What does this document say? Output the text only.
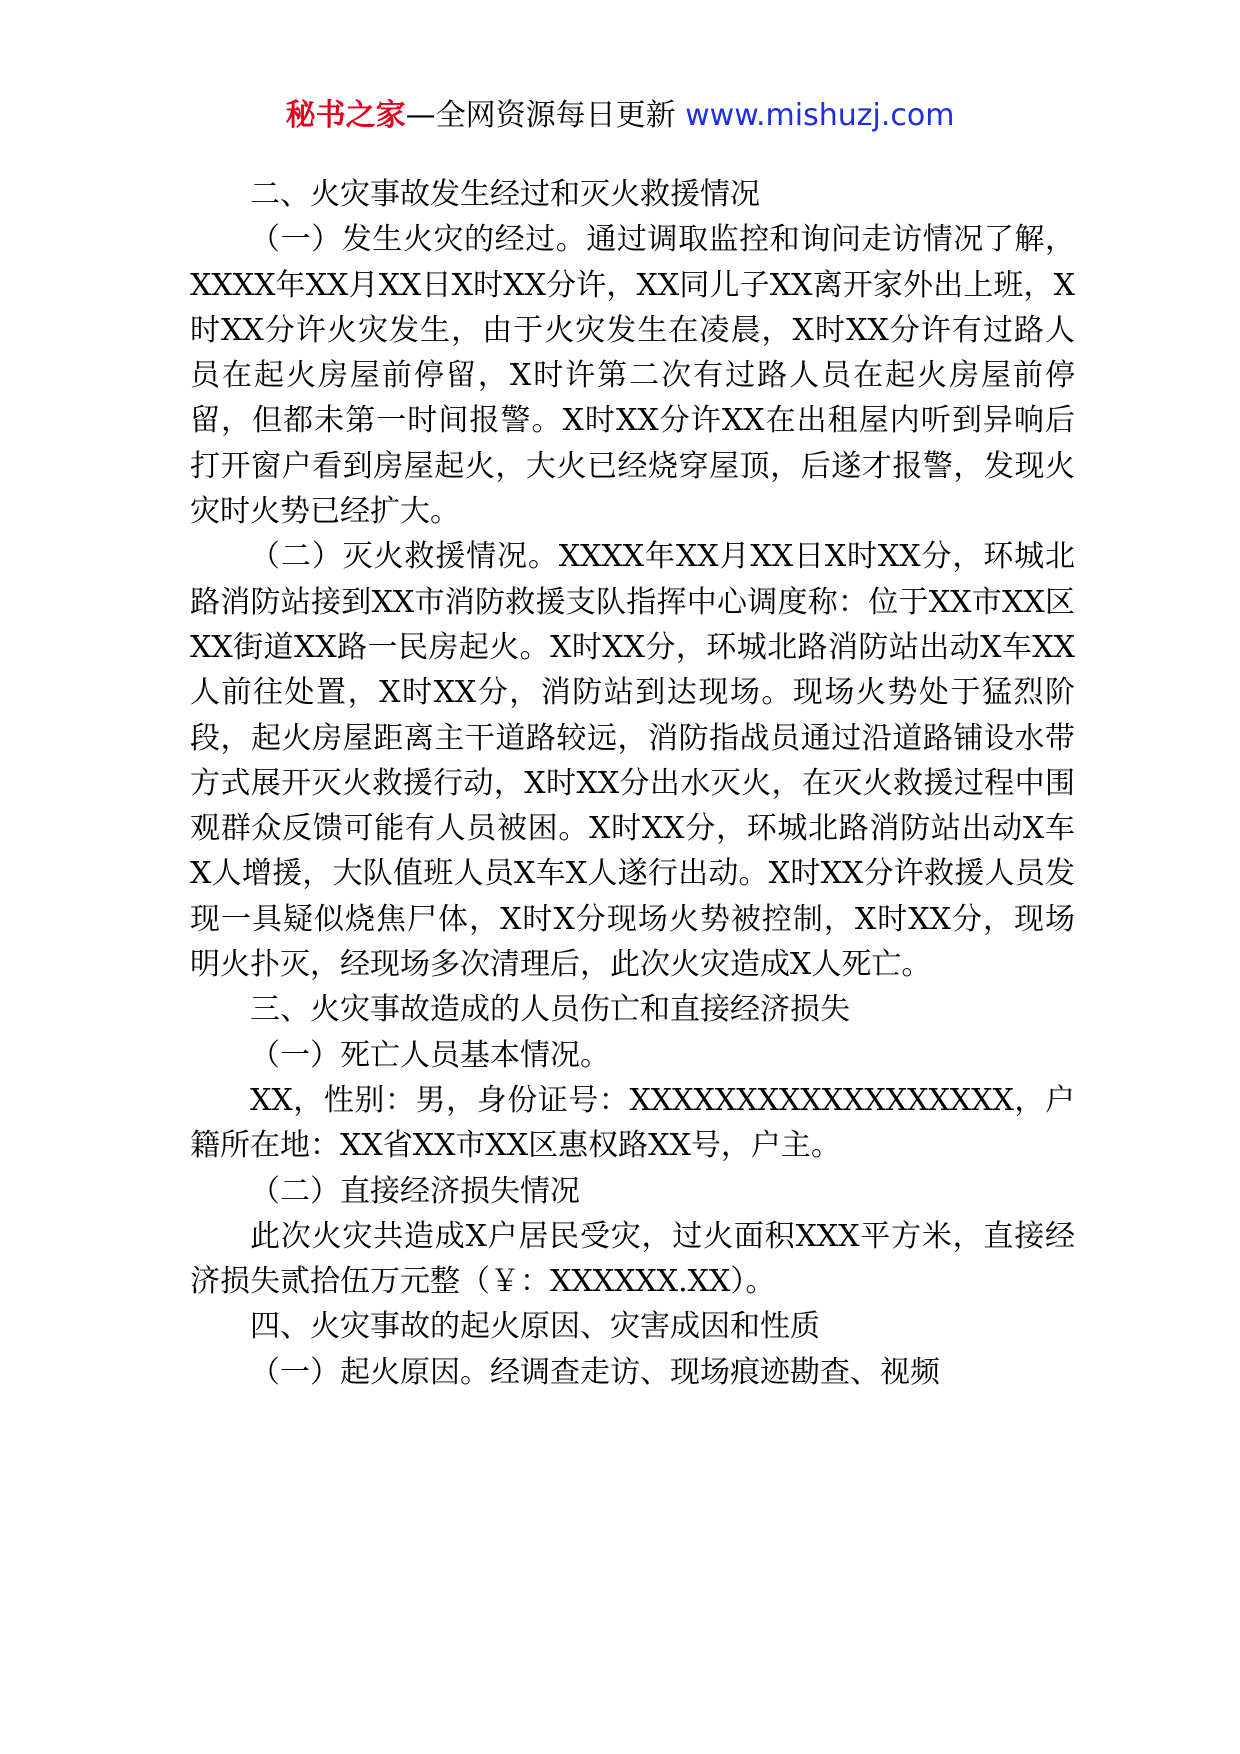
秘书之家—全网资源每日更新 www.mishuzj.com

二、火灾事故发生经过和灭火救援情况

（一）发生火灾的经过。通过调取监控和询问走访情况了解，XXXX年XX月XX日X时XX分许，XX同儿子XX离开家外出上班，X时XX分许火灾发生，由于火灾发生在凌晨，X时XX分许有过路人员在起火房屋前停留，X时许第二次有过路人员在起火房屋前停留，但都未第一时间报警。X时XX分许XX在出租屋内听到异响后打开窗户看到房屋起火，大火已经烧穿屋顶，后遂才报警，发现火灾时火势已经扩大。

（二）灭火救援情况。XXXX年XX月XX日X时XX分，环城北路消防站接到XX市消防救援支队指挥中心调度称：位于XX市XX区XX街道XX路一民房起火。X时XX分，环城北路消防站出动X车XX人前往处置，X时XX分，消防站到达现场。现场火势处于猛烈阶段，起火房屋距离主干道路较远，消防指战员通过沿道路铺设水带方式展开灭火救援行动，X时XX分出水灭火，在灭火救援过程中围观群众反馈可能有人员被困。X时XX分，环城北路消防站出动X车X人增援，大队值班人员X车X人遂行出动。X时XX分许救援人员发现一具疑似烧焦尸体，X时X分现场火势被控制，X时XX分，现场明火扑灭，经现场多次清理后，此次火灾造成X人死亡。

三、火灾事故造成的人员伤亡和直接经济损失

（一）死亡人员基本情况。

XX，性别：男，身份证号：XXXXXXXXXXXXXXXXXX，户籍所在地：XX省XX市XX区惠权路XX号，户主。

（二）直接经济损失情况

此次火灾共造成X户居民受灾，过火面积XXX平方米，直接经济损失贰拾伍万元整（￥：XXXXXX.XX）。

四、火灾事故的起火原因、灾害成因和性质

（一）起火原因。经调查走访、现场痕迹勘查、视频
